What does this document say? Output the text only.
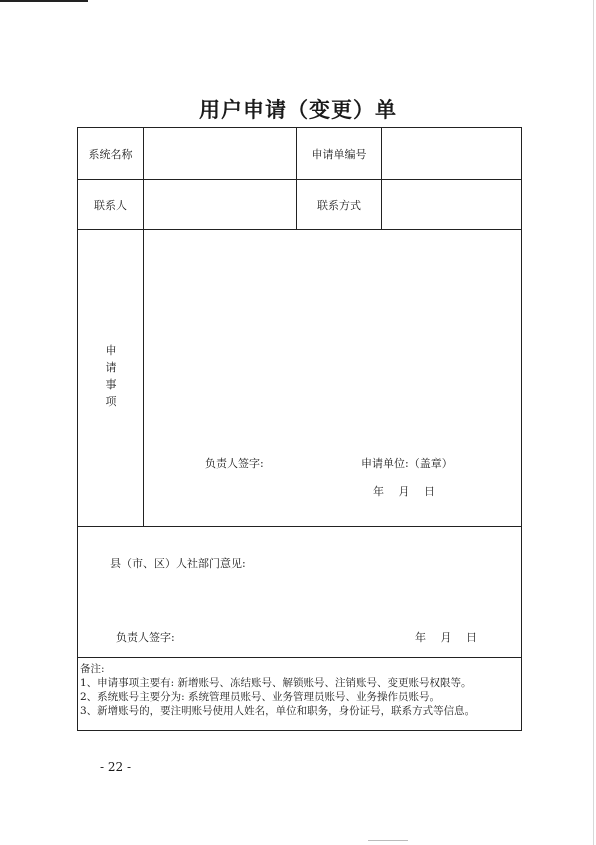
用户申请（变更）单
系统名称	申请单编号
联系人	联系方式
申
请
事
项
负责人签字:	申请单位:（盖章）
年　 月　 日
县（市、区）人社部门意见:
负责人签字:	年　 月　 日
备注:
1、申请事项主要有: 新增账号、冻结账号、解锁账号、注销账号、变更账号权限等。
2、系统账号主要分为: 系统管理员账号、业务管理员账号、业务操作员账号。
3、新增账号的，要注明账号使用人姓名，单位和职务，身份证号，联系方式等信息。
- 22 -
